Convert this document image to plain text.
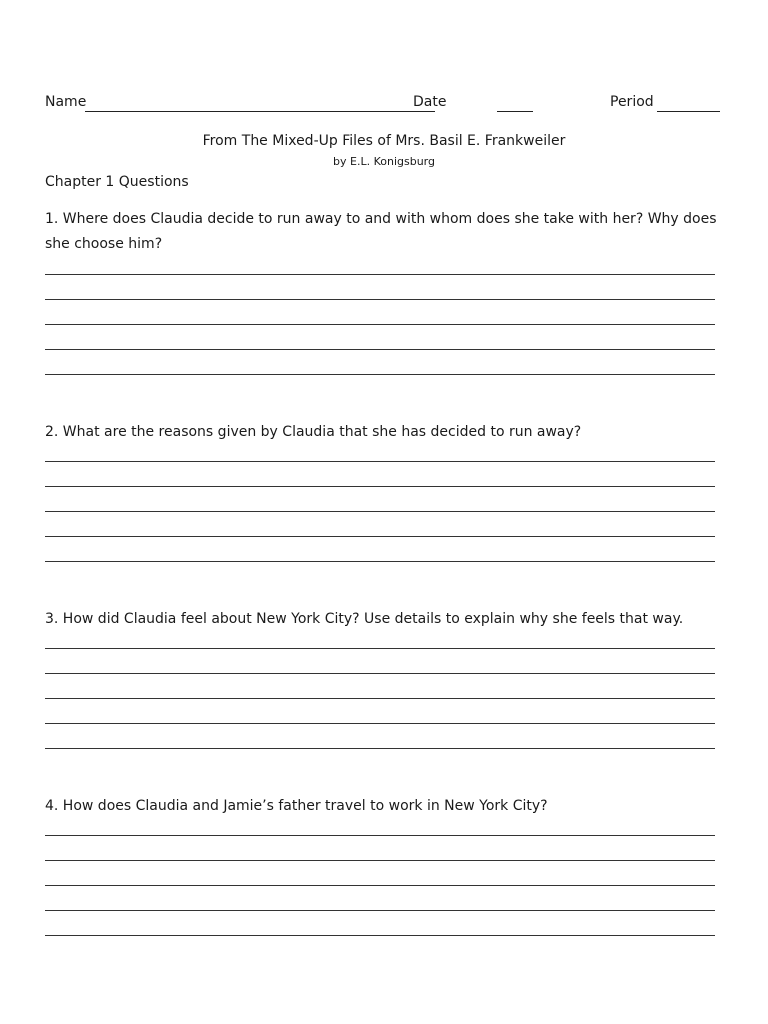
Name	Date	Period
From The Mixed-Up Files of Mrs. Basil E. Frankweiler
by E.L. Konigsburg
Chapter 1 Questions
1. Where does Claudia decide to run away to and with whom does she take with her? Why does she choose him?
2. What are the reasons given by Claudia that she has decided to run away?
3. How did Claudia feel about New York City? Use details to explain why she feels that way.
4. How does Claudia and Jamie’s father travel to work in New York City?
